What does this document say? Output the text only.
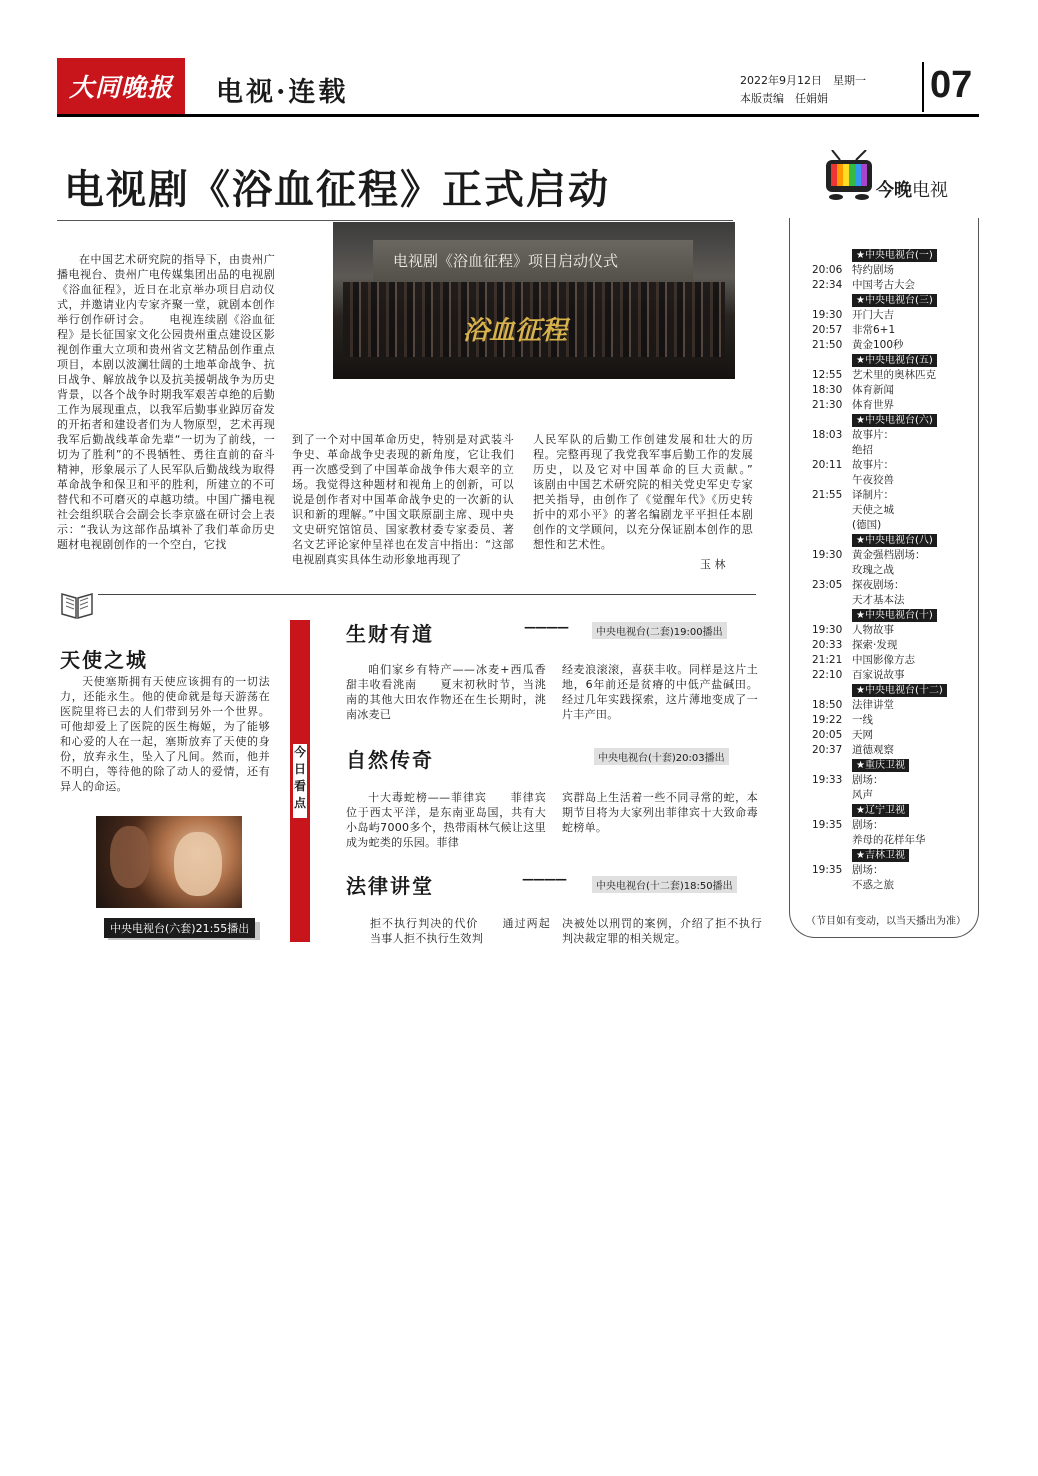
大同晚报	电视·连载	2022年9月12日　星期一
本版责编　任娟娟	07
电视剧《浴血征程》正式启动
电视剧《浴血征程》项目启动仪式
浴血征程
在中国艺术研究院的指导下，由贵州广播电视台、贵州广电传媒集团出品的电视剧《浴血征程》，近日在北京举办项目启动仪式，并邀请业内专家齐聚一堂，就剧本创作举行创作研讨会。　　电视连续剧《浴血征程》是长征国家文化公园贵州重点建设区影视创作重大立项和贵州省文艺精品创作重点项目，本剧以波澜壮阔的土地革命战争、抗日战争、解放战争以及抗美援朝战争为历史背景，以各个战争时期我军艰苦卓绝的后勤工作为展现重点，以我军后勤事业踔厉奋发的开拓者和建设者们为人物原型，艺术再现我军后勤战线革命先辈“一切为了前线，一切为了胜利”的不畏牺牲、勇往直前的奋斗精神，形象展示了人民军队后勤战线为取得革命战争和保卫和平的胜利，所建立的不可替代和不可磨灭的卓越功绩。中国广播电视社会组织联合会副会长李京盛在研讨会上表示：“我认为这部作品填补了我们革命历史题材电视剧创作的一个空白，它找
到了一个对中国革命历史，特别是对武装斗争史、革命战争史表现的新角度，它让我们再一次感受到了中国革命战争伟大艰辛的立场。我觉得这种题材和视角上的创新，可以说是创作者对中国革命战争史的一次新的认识和新的理解。”中国文联原副主席、现中央文史研究馆馆员、国家教材委专家委员、著名文艺评论家仲呈祥也在发言中指出：“这部电视剧真实具体生动形象地再现了
人民军队的后勤工作创建发展和壮大的历程。完整再现了我党我军事后勤工作的发展历史，以及它对中国革命的巨大贡献。”　　该剧由中国艺术研究院的相关党史军史专家把关指导，由创作了《觉醒年代》《历史转折中的邓小平》的著名编剧龙平平担任本剧创作的文学顾问，以充分保证剧本创作的思想性和艺术性。
玉 林
今晚电视
★中央电视台(一)
20:06 特约剧场
22:34 中国考古大会
★中央电视台(三)
19:30 开门大吉
20:57 非常6+1
21:50 黄金100秒
★中央电视台(五)
12:55 艺术里的奥林匹克
18:30 体育新闻
21:30 体育世界
★中央电视台(六)
18:03 故事片：
绝招
20:11 故事片：
午夜狡兽
21:55 译制片：
天使之城
(德国)
★中央电视台(八)
19:30 黄金强档剧场：
玫瑰之战
23:05 探夜剧场：
天才基本法
★中央电视台(十)
19:30 人物故事
20:33 探索·发现
21:21 中国影像方志
22:10 百家说故事
★中央电视台(十二)
18:50 法律讲堂
19:22 一线
20:05 天网
20:37 道德观察
★重庆卫视
19:33 剧场：
风声
★辽宁卫视
19:35 剧场：
养母的花样年华
★吉林卫视
19:35 剧场：
不惑之旅
（节目如有变动，以当天播出为准）
天使之城
天使塞斯拥有天使应该拥有的一切法力，还能永生。他的使命就是每天游荡在医院里将已去的人们带到另外一个世界。可他却爱上了医院的医生梅姬，为了能够和心爱的人在一起，塞斯放弃了天使的身份，放弃永生，坠入了凡间。然而，他并不明白，等待他的除了动人的爱情，还有异人的命运。
中央电视台(六套)21:55播出
今日看点
生财有道	————	中央电视台(二套)19:00播出
咱们家乡有特产——冰麦+西瓜香甜丰收看洮南　　夏末初秋时节，当洮南的其他大田农作物还在生长期时，洮南冰麦已
经麦浪滚滚，喜获丰收。同样是这片土地，6年前还是贫瘠的中低产盐碱田。经过几年实践探索，这片薄地变成了一片丰产田。
自然传奇	中央电视台(十套)20:03播出
十大毒蛇榜——菲律宾　　菲律宾位于西太平洋，是东南亚岛国，共有大小岛屿7000多个，热带雨林气候让这里成为蛇类的乐园。菲律
宾群岛上生活着一些不同寻常的蛇，本期节目将为大家列出菲律宾十大致命毒蛇榜单。
法律讲堂	————
中央电视台(十二套)18:50播出
拒不执行判决的代价　　通过两起当事人拒不执行生效判
决被处以刑罚的案例，介绍了拒不执行判决裁定罪的相关规定。
